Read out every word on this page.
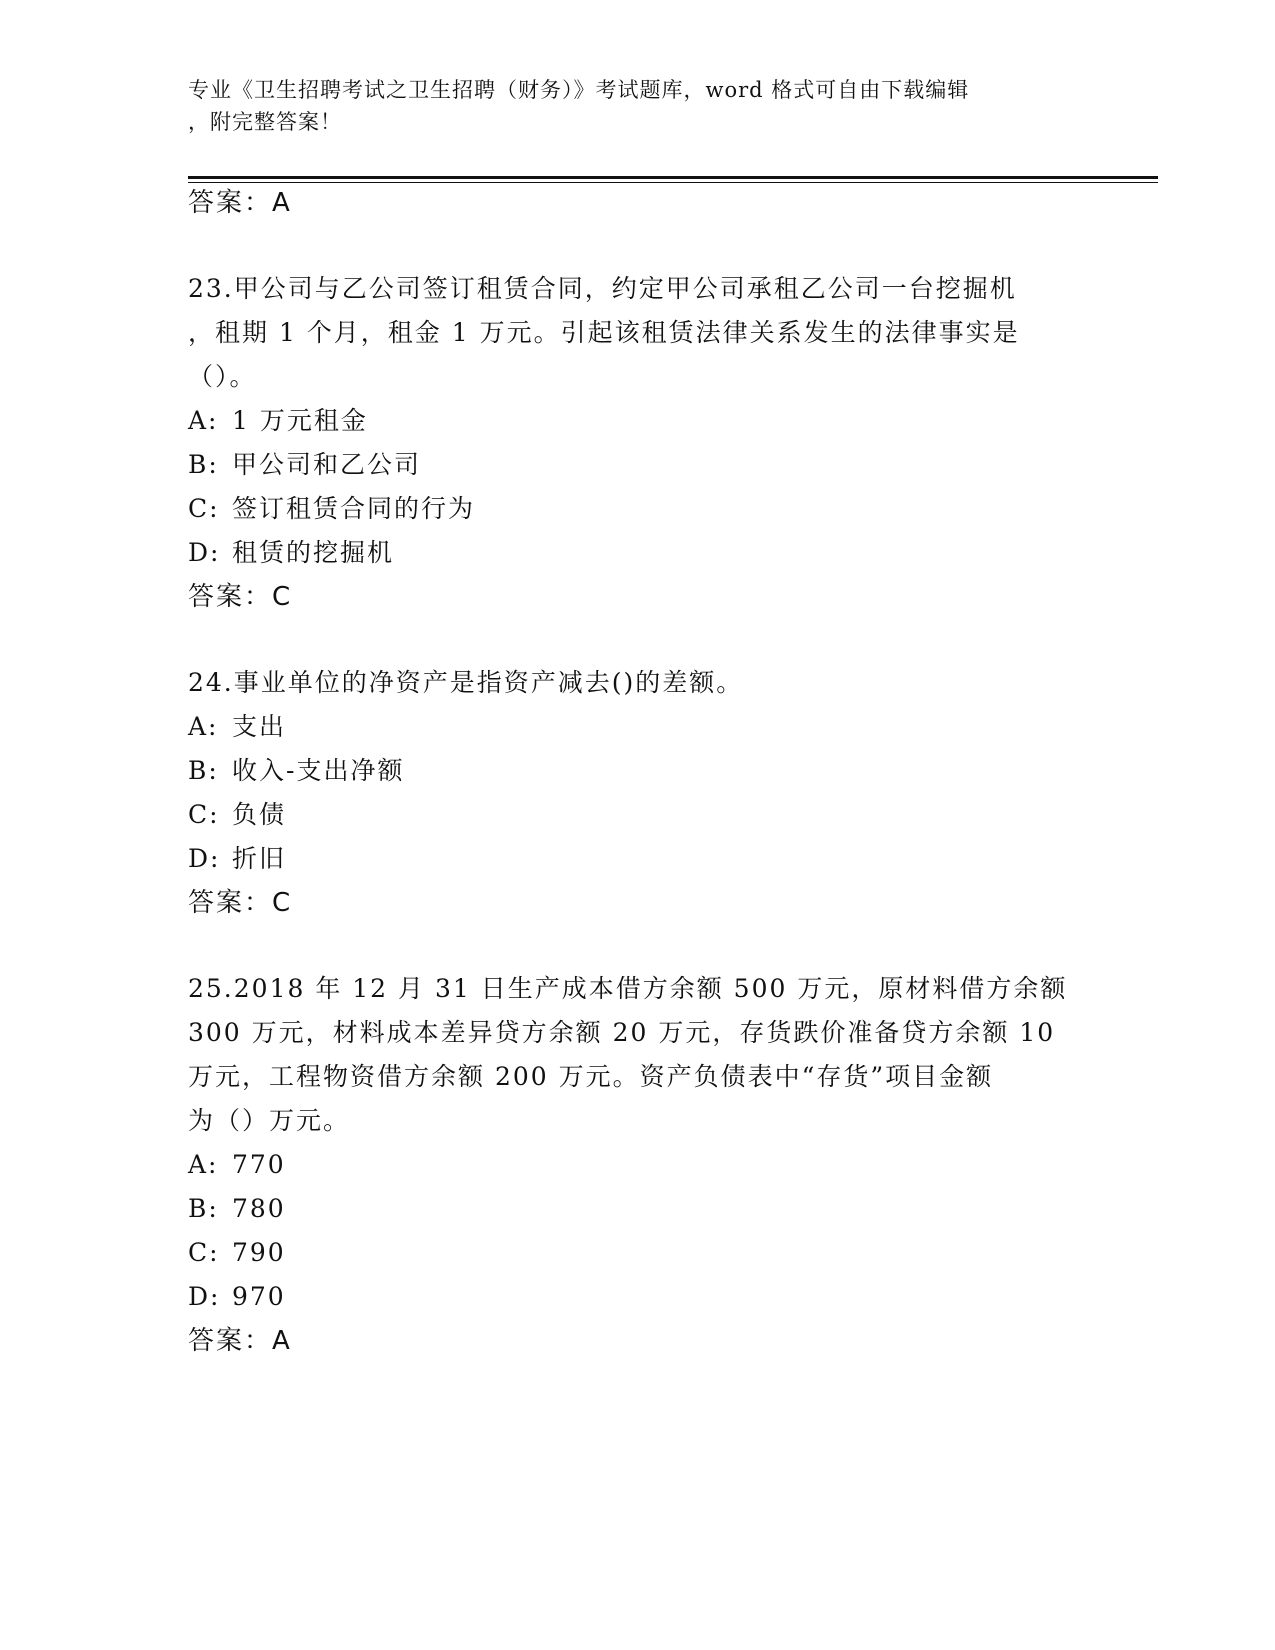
专业《卫生招聘考试之卫生招聘（财务）》考试题库，word 格式可自由下载编辑
，附完整答案！
答案：A
23.甲公司与乙公司签订租赁合同，约定甲公司承租乙公司一台挖掘机
，租期 1 个月，租金 1 万元。引起该租赁法律关系发生的法律事实是
（）。
A: 1 万元租金
B: 甲公司和乙公司
C: 签订租赁合同的行为
D: 租赁的挖掘机
答案：C
24.事业单位的净资产是指资产减去()的差额。
A: 支出
B: 收入-支出净额
C: 负债
D: 折旧
答案：C
25.2018 年 12 月 31 日生产成本借方余额 500 万元，原材料借方余额
300 万元，材料成本差异贷方余额 20 万元，存货跌价准备贷方余额 10
万元，工程物资借方余额 200 万元。资产负债表中“存货”项目金额
为（）万元。
A: 770
B: 780
C: 790
D: 970
答案：A
